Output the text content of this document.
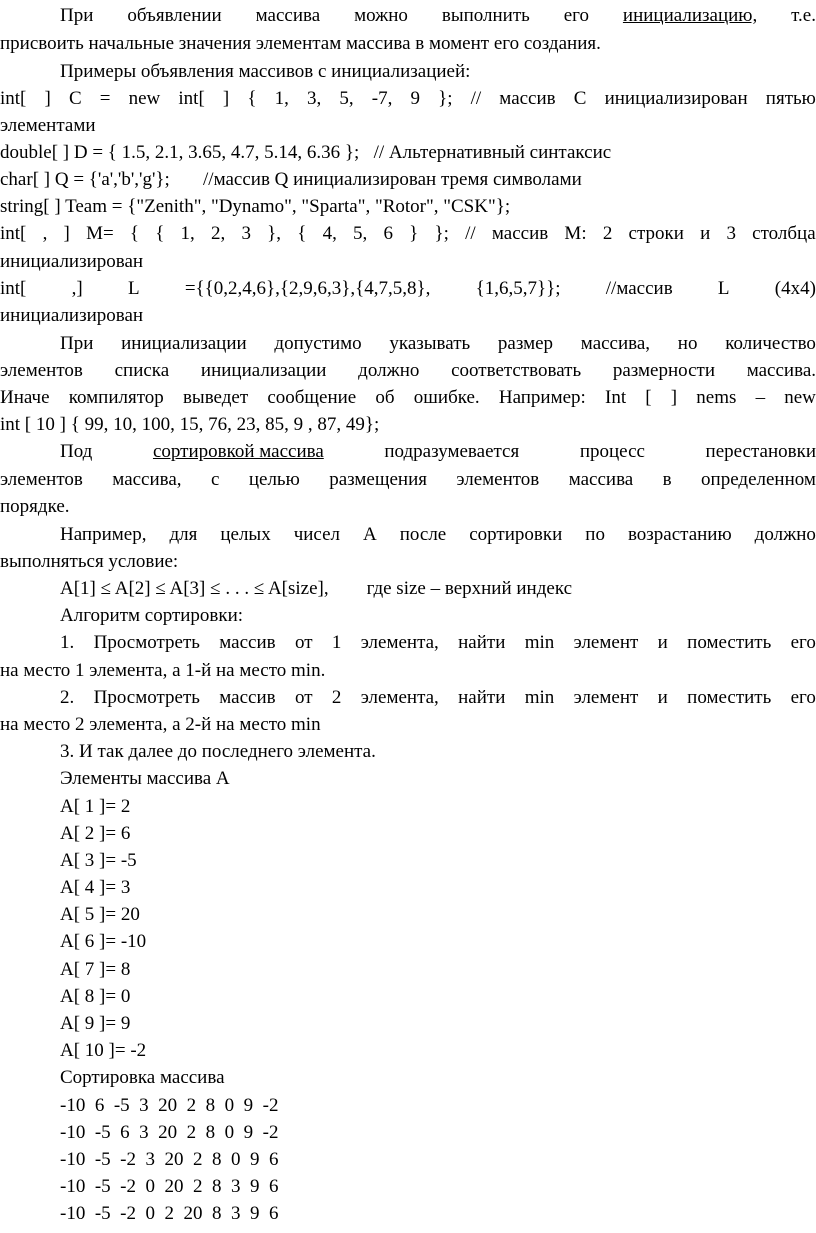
При объявлении массива можно выполнить его инициализацию, т.е.
присвоить начальные значения элементам массива в момент его создания.
Примеры объявления массивов с инициализацией:
int[ ] C = new int[ ] { 1, 3, 5, -7, 9 }; // массив C инициализирован пятью
элементами
double[ ] D = { 1.5, 2.1, 3.65, 4.7, 5.14, 6.36 };   // Альтернативный синтаксис
char[ ] Q = {'a','b','g'};       //массив Q инициализирован тремя символами
string[ ] Team = {"Zenith", "Dynamo", "Sparta", "Rotor", "CSK"};
int[ , ] M= { { 1, 2, 3 }, { 4, 5, 6 } }; // массив M: 2 строки и 3 столбца
инициализирован
int[ ,] L ={{0,2,4,6},{2,9,6,3},{4,7,5,8}, {1,6,5,7}}; //массив L (4x4)
инициализирован
При инициализации допустимо указывать размер массива, но количество
элементов списка инициализации должно соответствовать размерности массива.
Иначе компилятор выведет сообщение об ошибке. Например: Int [ ] nems – new
int [ 10 ] { 99, 10, 100, 15, 76, 23, 85, 9 , 87, 49};
Под	сортировкой массива	подразумевается	процесс	перестановки
элементов массива, с целью размещения элементов массива в определенном
порядке.
Например, для целых чисел А после сортировки по возрастанию должно
выполняться условие:
A[1] ≤ A[2] ≤ A[3] ≤ . . . ≤ A[size],        где size – верхний индекс
Алгоритм сортировки:
1. Просмотреть массив от 1 элемента, найти min элемент и поместить его
на место 1 элемента, а 1-й на место min.
2. Просмотреть массив от 2 элемента, найти min элемент и поместить его
на место 2 элемента, а 2-й на место min
3. И так далее до последнего элемента.
Элементы массива А
A[ 1 ]= 2
A[ 2 ]= 6
A[ 3 ]= -5
A[ 4 ]= 3
A[ 5 ]= 20
A[ 6 ]= -10
A[ 7 ]= 8
A[ 8 ]= 0
A[ 9 ]= 9
A[ 10 ]= -2
Сортировка массива
-10  6  -5  3  20  2  8  0  9  -2
-10  -5  6  3  20  2  8  0  9  -2
-10  -5  -2  3  20  2  8  0  9  6
-10  -5  -2  0  20  2  8  3  9  6
-10  -5  -2  0  2  20  8  3  9  6
